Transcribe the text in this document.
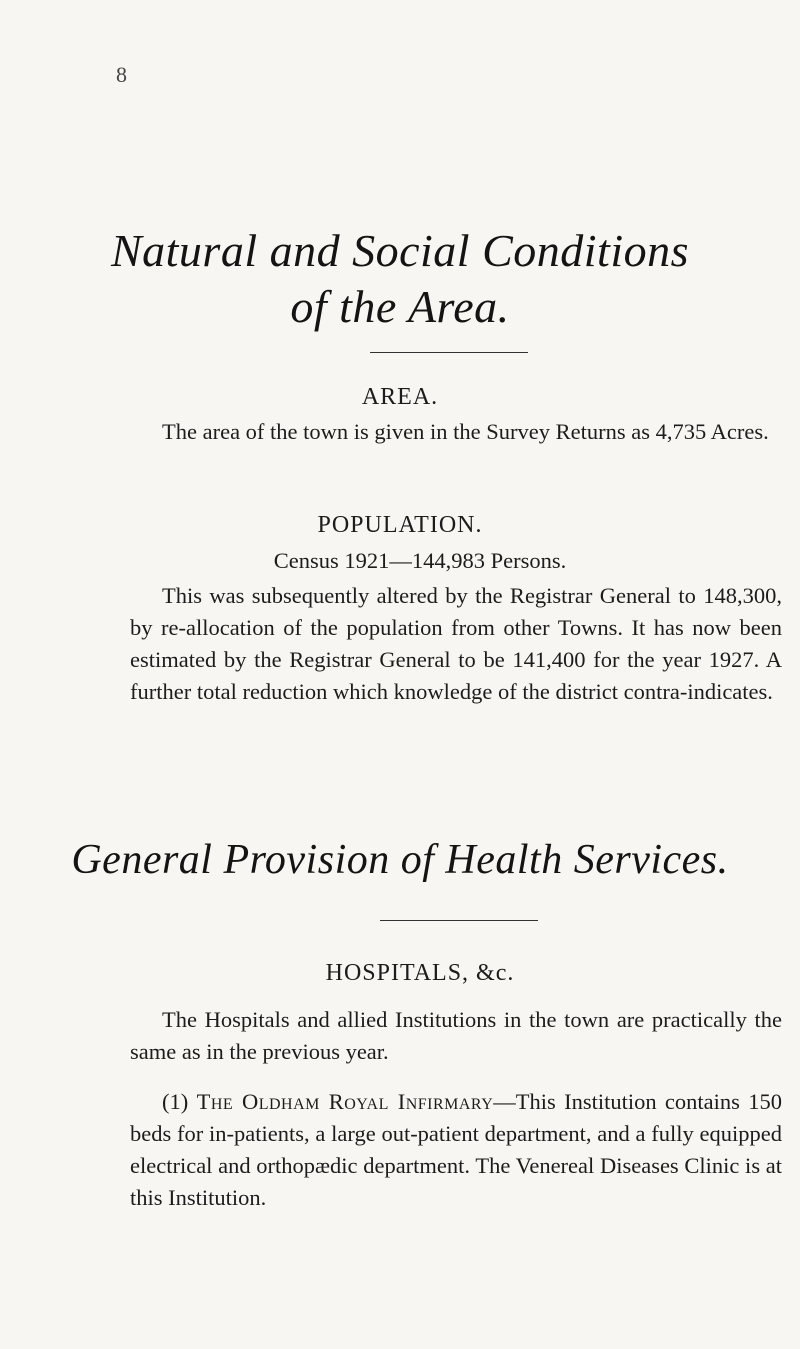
8
Natural and Social Conditions
of the Area.
AREA.
The area of the town is given in the Survey Returns as 4,735 Acres.
POPULATION.
Census 1921—144,983 Persons.
This was subsequently altered by the Registrar General to 148,300, by re-allocation of the population from other Towns. It has now been estimated by the Registrar General to be 141,400 for the year 1927. A further total reduction which knowledge of the district contra-indicates.
General Provision of Health Services.
HOSPITALS, &c.
The Hospitals and allied Institutions in the town are practically the same as in the previous year.
(1) The Oldham Royal Infirmary—This Institution contains 150 beds for in-patients, a large out-patient department, and a fully equipped electrical and orthopædic department. The Venereal Diseases Clinic is at this Institution.
